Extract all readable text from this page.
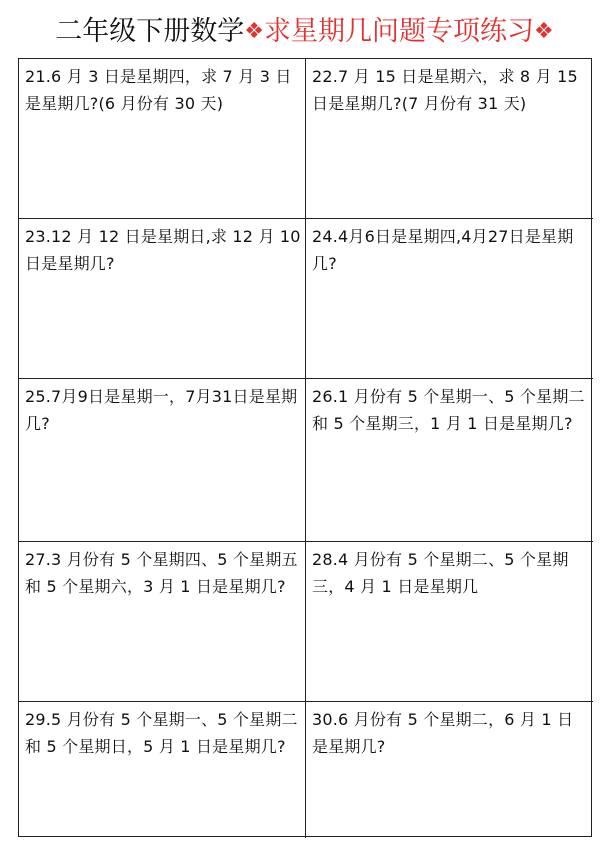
二年级下册数学❖求星期几问题专项练习❖
21.6 月 3 日是星期四，求 7 月 3 日是星期几?(6 月份有 30 天)
22.7 月 15 日是星期六，求 8 月 15 日是星期几?(7 月份有 31 天)
23.12 月 12 日是星期日,求 12 月 10 日是星期几?
24.4月6日是星期四,4月27日是星期几?
25.7月9日是星期一，7月31日是星期几?
26.1 月份有 5 个星期一、5 个星期二和 5 个星期三，1 月 1 日是星期几?
27.3 月份有 5 个星期四、5 个星期五和 5 个星期六，3 月 1 日是星期几?
28.4 月份有 5 个星期二、5 个星期三，4 月 1 日是星期几
29.5 月份有 5 个星期一、5 个星期二和 5 个星期日，5 月 1 日是星期几?
30.6 月份有 5 个星期二，6 月 1 日是星期几?
